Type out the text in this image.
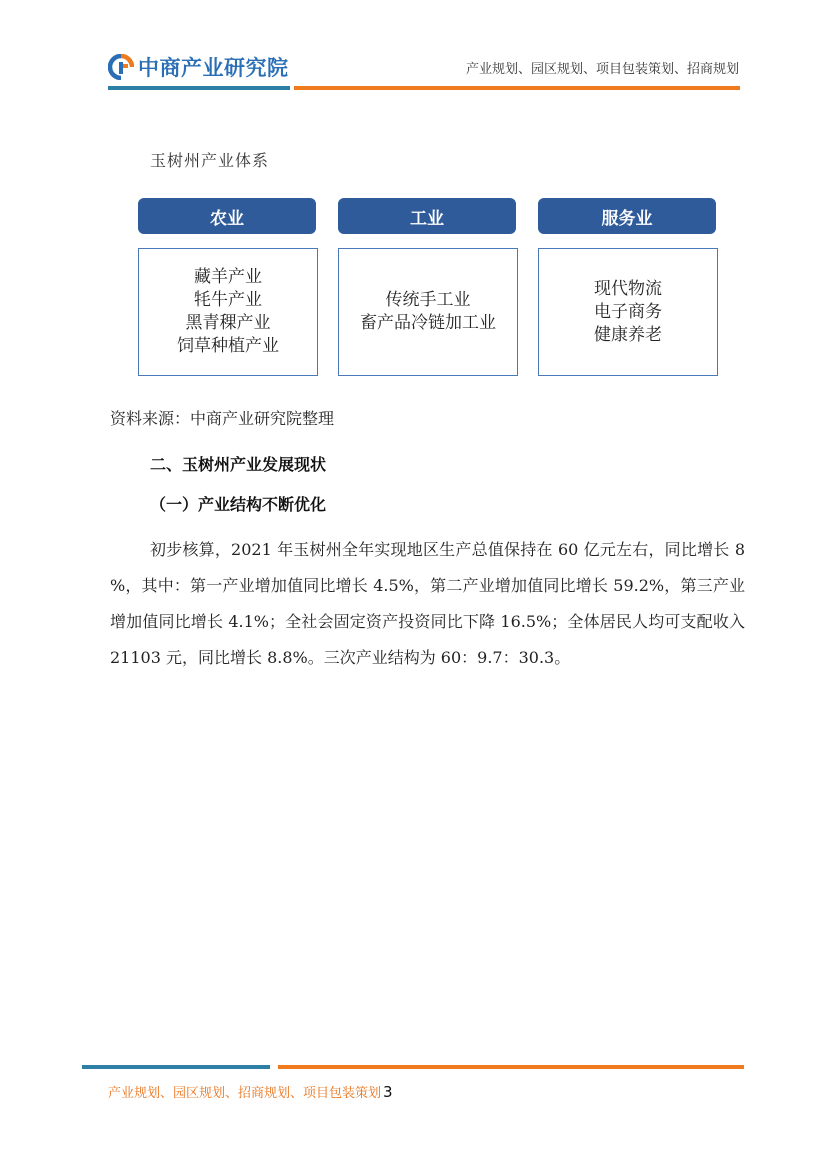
中商产业研究院	产业规划、园区规划、项目包装策划、招商规划
玉树州产业体系
农业	工业	服务业
藏羊产业
牦牛产业
黑青稞产业
饲草种植产业
传统手工业
畜产品冷链加工业
现代物流
电子商务
健康养老
资料来源：中商产业研究院整理
二、玉树州产业发展现状
（一）产业结构不断优化

初步核算，2021 年玉树州全年实现地区生产总值保持在 60 亿元左右，同比增长 8 %，其中：第一产业增加值同比增长 4.5%，第二产业增加值同比增长 59.2%，第三产业增加值同比增长 4.1%；全社会固定资产投资同比下降 16.5%；全体居民人均可支配收入 21103 元，同比增长 8.8%。三次产业结构为 60：9.7：30.3。

产业规划、园区规划、招商规划、项目包装策划 3
